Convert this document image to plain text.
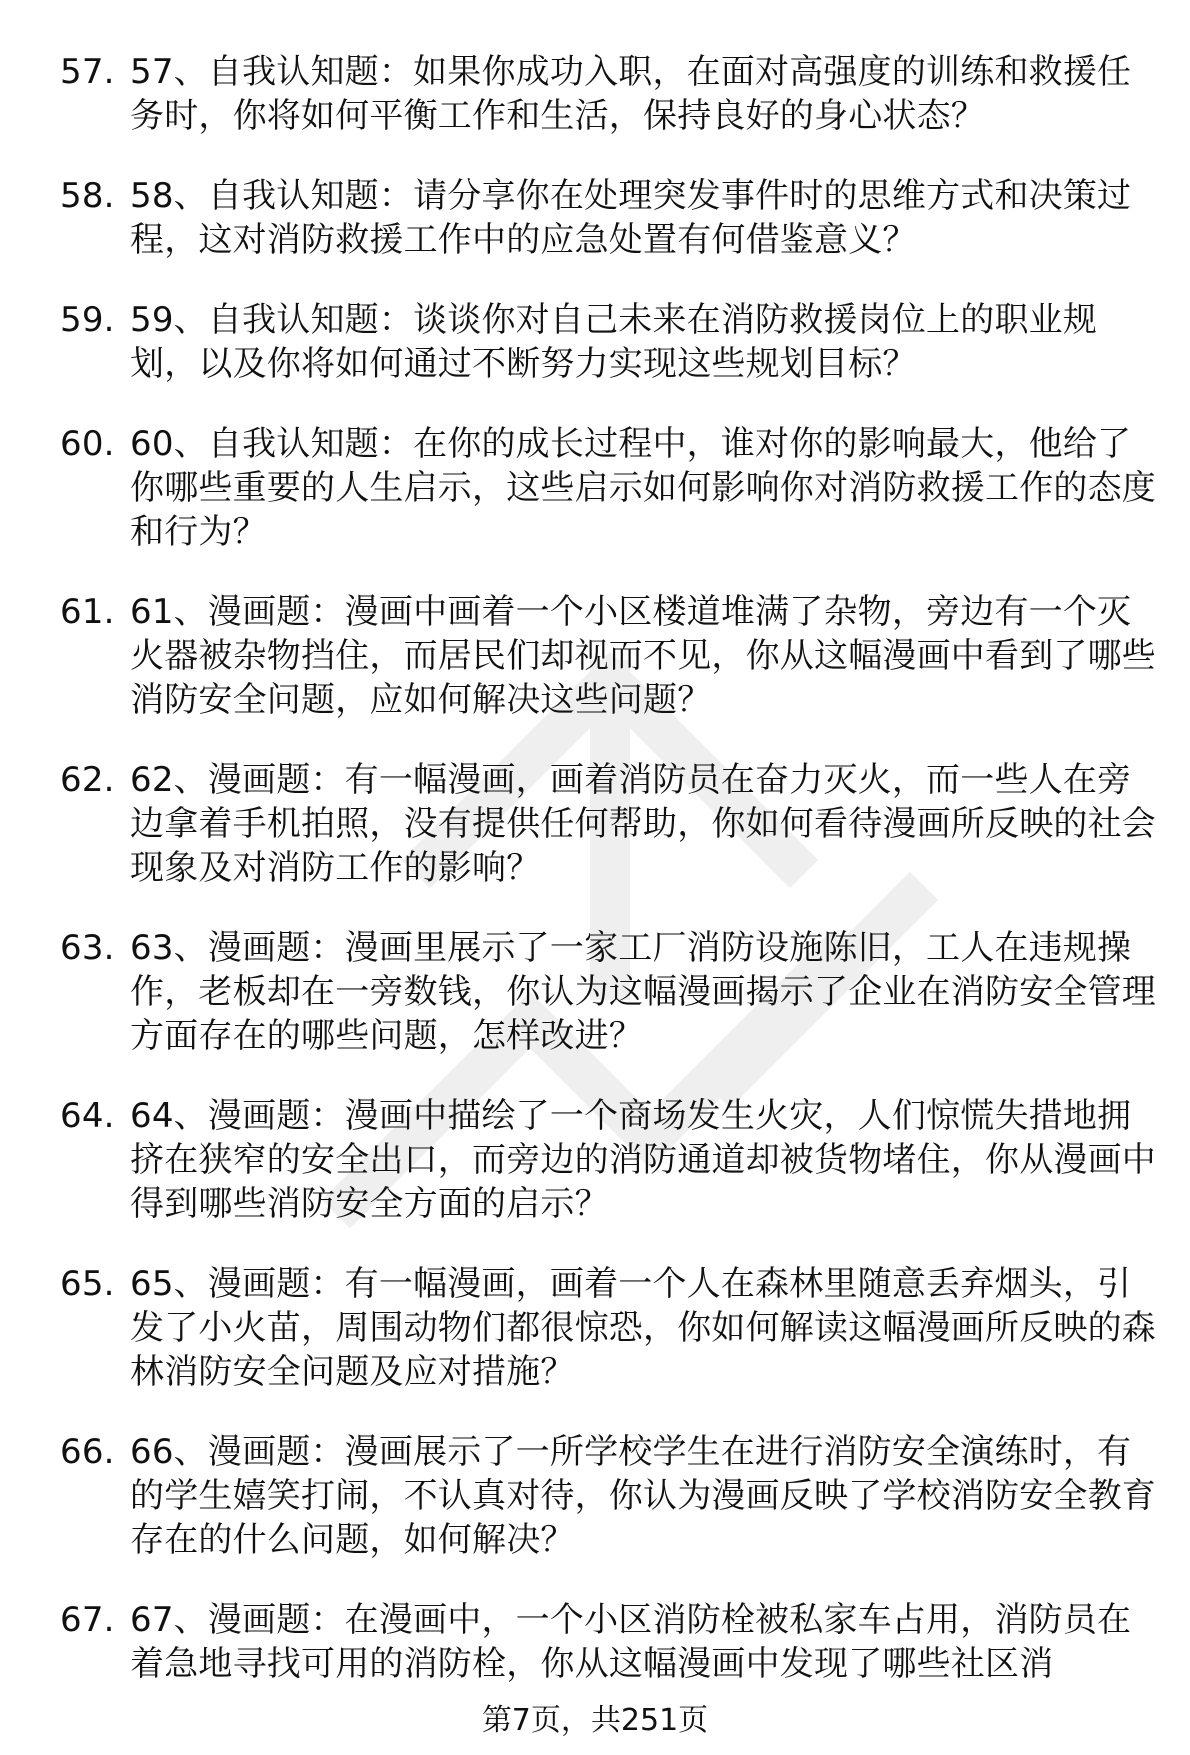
57. 57、自我认知题：如果你成功入职，在面对高强度的训练和救援任务时，你将如何平衡工作和生活，保持良好的身心状态？
58. 58、自我认知题：请分享你在处理突发事件时的思维方式和决策过程，这对消防救援工作中的应急处置有何借鉴意义？
59. 59、自我认知题：谈谈你对自己未来在消防救援岗位上的职业规划，以及你将如何通过不断努力实现这些规划目标？
60. 60、自我认知题：在你的成长过程中，谁对你的影响最大，他给了你哪些重要的人生启示，这些启示如何影响你对消防救援工作的态度和行为？
61. 61、漫画题：漫画中画着一个小区楼道堆满了杂物，旁边有一个灭火器被杂物挡住，而居民们却视而不见，你从这幅漫画中看到了哪些消防安全问题，应如何解决这些问题？
62. 62、漫画题：有一幅漫画，画着消防员在奋力灭火，而一些人在旁边拿着手机拍照，没有提供任何帮助，你如何看待漫画所反映的社会现象及对消防工作的影响？
63. 63、漫画题：漫画里展示了一家工厂消防设施陈旧，工人在违规操作，老板却在一旁数钱，你认为这幅漫画揭示了企业在消防安全管理方面存在的哪些问题，怎样改进？
64. 64、漫画题：漫画中描绘了一个商场发生火灾，人们惊慌失措地拥挤在狭窄的安全出口，而旁边的消防通道却被货物堵住，你从漫画中得到哪些消防安全方面的启示？
65. 65、漫画题：有一幅漫画，画着一个人在森林里随意丢弃烟头，引发了小火苗，周围动物们都很惊恐，你如何解读这幅漫画所反映的森林消防安全问题及应对措施？
66. 66、漫画题：漫画展示了一所学校学生在进行消防安全演练时，有的学生嬉笑打闹，不认真对待，你认为漫画反映了学校消防安全教育存在的什么问题，如何解决？
67. 67、漫画题：在漫画中，一个小区消防栓被私家车占用，消防员在着急地寻找可用的消防栓，你从这幅漫画中发现了哪些社区消
第7页，共251页
